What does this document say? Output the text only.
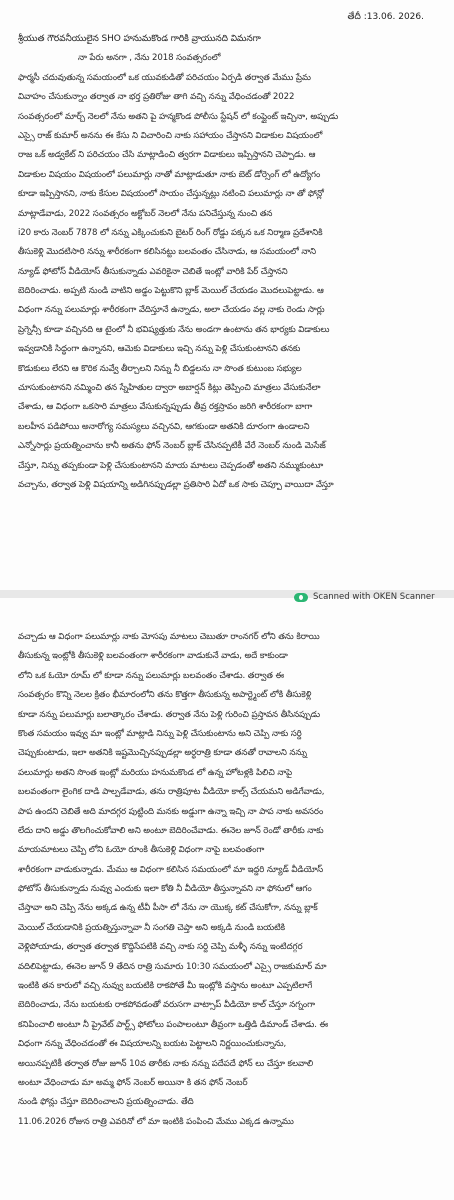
తేదీ :13.06. 2026.
శ్రీయుత గౌరవనీయులైన SHO హనుమకొండ గారికి వ్రాయునది విమనగా
నా పేరు అనగా , నేను 2018 సంవత్సరంలో
ఫార్మసీ చదువుతున్న సమయంలో ఒక యువకుడితో పరిచయం ఏర్పడి తర్వాత మేము ప్రేమ
వివాహం చేసుకున్నాం తర్వాత నా భర్త ప్రతిరోజు తాగి వచ్చి నన్ను వేధించడంతో 2022
సంవత్సరంలో మార్చ్ నెలలో నేను అతని పై హన్మకొండ పోలీసు స్టేషన్ లో కంప్లైంట్ ఇచ్చినా, అప్పుడు
ఎస్సై రాజ్ కుమార్ అనను ఈ కేసు ని విచారించి నాకు సహాయం చేస్తానని విడాకుల విషయంలో
రాజ ఒక్ అడ్వకేట్ ని పరిచయం చేసి మాట్లాడించి త్వరగా విడాకులు ఇప్పిస్తానని చెప్పాడు. ఆ
విడాకుల విషయం విషయంలో పలుమార్లు నాతో మాట్లాడుతూ నాకు బెట్ డోర్సెంగ్ లో ఉద్యోగం
కూడా ఇప్పిస్తానని, నాకు కేసుల విషయంలో సాయం చేస్తున్నట్లు నటించి పలుమార్లు నా తో ఫోన్లో
మాట్లాడేవాడు, 2022 సంవత్సరం అక్టోబర్ నెలలో నేను పనిచేస్తున్న నుంచి తన
i20 కారు నెంబర్ 7878 లో నన్ను ఎక్కించుకుని బైటర్ రింగ్ రోడ్డు పక్కన ఒక నిర్మాణ ప్రదేశానికి
తీసుకెళ్లి మొదటిసారి నన్ను శారీరకంగా కలిసినట్టు బలవంతం చేసినాడు, ఆ సమయంలో నాని
న్యూడ్ ఫోటోస్ వీడియోస్ తీసుకున్నాడు ఎవరికైనా చెబితే ఇంట్లో వారికి పేర్ చేస్తానని
బెదిరించాడు. అప్పటి నుండి వాటిని అడ్డం పెట్టుకొని బ్లాక్ మెయిల్ చేయడం మొదలుపెట్టాడు. ఆ
విధంగా నన్ను పలుమార్లు శారీరకంగా వేదిస్తూనే ఉన్నాడు, అలా చేయడం వల్ల నాకు రెండు సార్లు
ప్రెగ్నెన్సీ కూడా వచ్చినది ఆ టైంలో నీ భవిష్యత్తుకు నేను అండగా ఉంటాను తన భార్యకు విడాకులు
ఇవ్వడానికి సిద్ధంగా ఉన్నానని, ఆమెకు విడాకులు ఇచ్చి నన్ను పెళ్లి చేసుకుంటానని తనకు
కొడుకులు లేరని ఆ కొరిక నువ్వే తీర్చాలని నిన్ను నీ బిడ్డలను నా సొంత కుటుంబ సభ్యుల
చూసుకుంటానని నమ్మించి తన స్నేహితుల ద్వారా అబార్షన్ కిట్లు తెప్పించి మాత్రలు వేసుకునేలా
చేశాడు, ఆ విధంగా ఒకసారి మాత్రలు వేసుకున్నప్పుడు తీవ్ర రక్తస్రావం జరిగి శారీరకంగా బాగా
బలహీన పడిపోయి అనారోగ్య సమస్యలు వచ్చినవి, ఆగకుండా అతనికి దూరంగా ఉండాలని
ఎన్నోసార్లు ప్రయత్నించాను కానీ అతను ఫోన్ నెంబర్ బ్లాక్ చేసినప్పటికీ వేరే నెంబర్ నుండి మెసేజ్
చేస్తూ, నిన్ను తప్పకుండా పెళ్లి చేసుకుంటానని మాయ మాటలు చెప్పడంతో అతని నమ్ముకుంటూ
వచ్చాను, తర్వాత పెళ్లి విషయాన్ని అడిగినప్పుడల్లా ప్రతిసారి ఏదో ఒక సాకు చెప్పూ వాయిదా వేస్తూ
Scanned with OKEN Scanner
వచ్చాడు ఆ విధంగా పలుమార్లు నాకు మోసపు మాటలు చెబుతూ రాంనగర్ లోని తను కిరాయి
తీసుకున్న ఇంట్లోకి తీసుకెళ్లి బలవంతంగా శారీరకంగా వాడుకునే వాడు, అదే కాకుండా
లోని ఒక ఓయో రూమ్ లో కూడా నన్ను పలుమార్లు బలవంతం చేశాడు. తర్వాత ఈ
సంవత్సరం కొన్ని నెలల క్రితం భీమారంలోని తను కొత్తగా తీసుకున్న అపార్ట్మెంట్ లోకి తీసుకెళ్లి
కూడా నన్ను పలుమార్లు బలాత్కారం చేశాడు. తర్వాత నేను పెళ్లి గురించి ప్రస్తావన తీసినప్పుడు
కొంత సమయం ఇవ్వు మా ఇంట్లో మాట్లాడి నిన్ను పెళ్లి చేసుకుంటాను అని చెప్పి నాకు సర్ది
చెప్పుకుంటాడు, ఇలా అతనికి ఇష్టమొచ్చినప్పుడల్లా అర్ధరాత్రి కూడా తనతో రావాలని నన్ను
పలుమార్లు అతని సొంత ఇంట్లో మరియు హనుమకొండ లో ఉన్న హోటళ్లకి పిలిచి నాపై
బలవంతంగా లైంగిక దాడి పాల్పడేవాడు, తను రాత్రిపూట వీడియో కాల్స్ చేయమని అడిగేవాడు,
పాప ఉందని చెబితే అది మాదగ్గర పుట్టింది మనకు అడ్డుగా ఉన్నా ఇచ్చి నా పాప నాకు అవసరం
లేదు దాని అడ్డు తొలగించుకోవాలి అని అంటూ బెదిరించేవాడు. ఈనెల జూన్ రెండో తారీకు నాకు
మాయమాటలు చెప్పి లోని ఓయో రూంకి తీసుకెళ్లి విధంగా నాపై బలవంతంగా
శారీరకంగా వాడుకున్నాడు. మేము ఆ విధంగా కలిసిన సమయంలో మా ఇద్దరి న్యూడ్ వీడియోస్
ఫోటోస్ తీసుకున్నాడు నువ్వు ఎందుకు ఇలా కోతి నీ వీడియో తీస్తున్నావని నా ఫోనులో ఆగం
చేస్తావా అని చెప్పి నేను అక్కడ ఉన్న టీవీ పీసా లో నేను నా యొక్క కట్ చేసుకోగా, నన్ను బ్లాక్
మెయిల్ చేయడానికి ప్రయత్నిస్తున్నావా నీ సంగతి చెప్తా అని అక్కడి నుండి బయటికి
వెళ్లిపోయాడు, తర్వాత తర్వాత కొద్దిసేపటికి వచ్చి నాకు సర్ది చెప్పి మళ్ళీ నన్ను ఇంటిదగ్గర
వదిలిపెట్టాడు, ఈనెల జూన్ 9 తేదిన రాత్రి సుమారు 10:30 సమయంలో ఎస్సై రాజకుమార్ మా
ఇంటికి తన కారులో వచ్చి నువ్వు బయటికి రాకపోతే మీ ఇంట్లోకి వస్తాను అంటూ ఎప్పటిలాగే
బెదిరించాడు, నేను బయటకు రాకపోవడంతో వరుసగా వాట్సాప్ వీడియో కాల్ చేస్తూ నగ్నంగా
కనిపించాలి అంటూ నీ ప్రైవేట్ పార్ట్స్ ఫోటోలు పంపాలంటూ తీవ్రంగా ఒత్తిడి డిమాండ్ చేశాడు. ఈ
విధంగా నన్ను వేధించడంతో ఈ విషయాలన్ని బయట పెట్టాలని నిర్ణయించుకున్నాను,
అయినప్పటికీ తర్వాత రోజు జూన్ 10వ తారీకు నాకు నన్ను పదేపదే ఫోన్ లు చేస్తూ కలవాలి
అంటూ వేధించాడు మా అమ్మ ఫోన్ నెంబర్ అయినా కి తన ఫోన్ నెంబర్
నుండి ఫోన్లు చేస్తూ బెదిరించాలని ప్రయత్నించాడు. తేది
11.06.2026 రోజున రాత్రి ఎవరినో లో మా ఇంటికి పంపించి మేము ఎక్కడ ఉన్నాము
